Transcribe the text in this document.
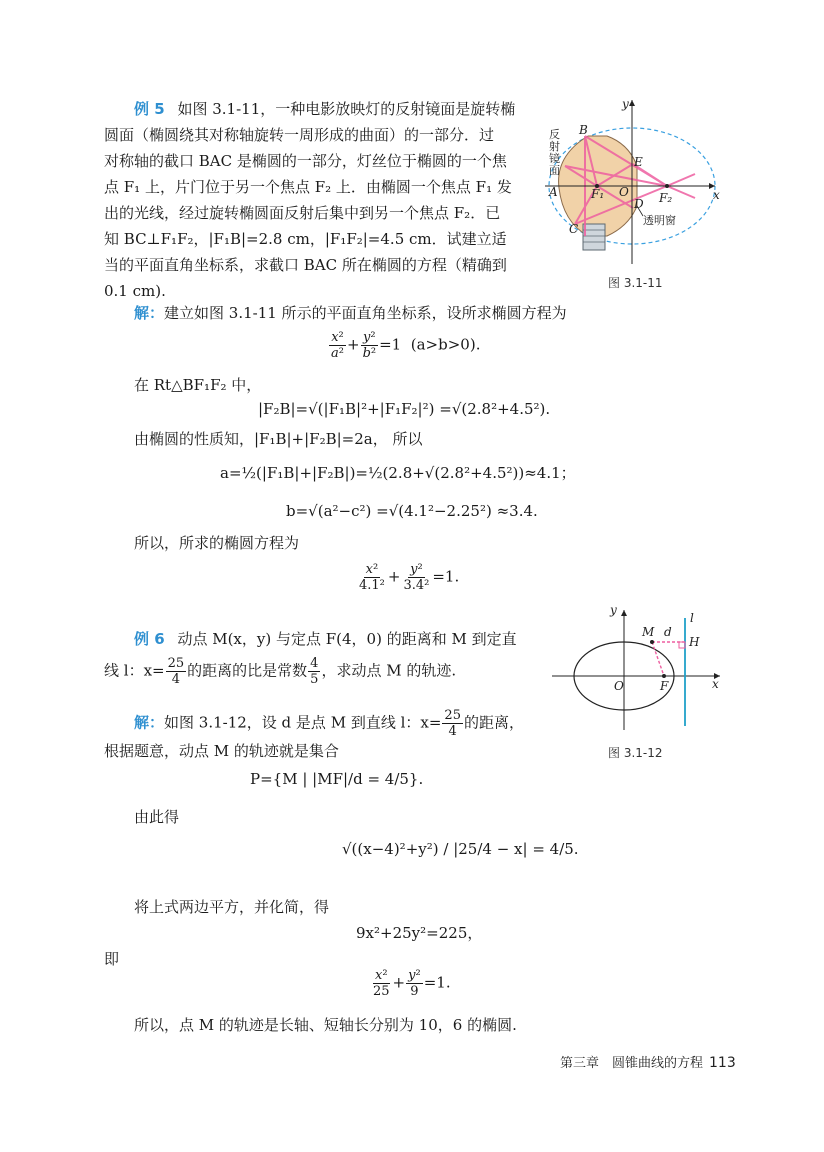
例 5 如图 3.1-11，一种电影放映灯的反射镜面是旋转椭
圆面（椭圆绕其对称轴旋转一周形成的曲面）的一部分．过
对称轴的截口 BAC 是椭圆的一部分，灯丝位于椭圆的一个焦
点 F₁ 上，片门位于另一个焦点 F₂ 上．由椭圆一个焦点 F₁ 发
出的光线，经过旋转椭圆面反射后集中到另一个焦点 F₂．已
知 BC⊥F₁F₂，|F₁B|=2.8 cm，|F₁F₂|=4.5 cm．试建立适
当的平面直角坐标系，求截口 BAC 所在椭圆的方程（精确到
0.1 cm).
y
x
B
E
A	F₁ O
D F₂
C
反
射
镜
面
透明窗
图 3.1-11
解：建立如图 3.1-11 所示的平面直角坐标系，设所求椭圆方程为
$\frac{\text{x²}}{\text{a²}} + \frac{\text{y²}}{\text{b²}} =1$  (a>b>0).
在 Rt△BF₁F₂ 中，
|F₂B|=√(|F₁B|²+|F₁F₂|²) =√(2.8²+4.5²).
由椭圆的性质知，|F₁B|+|F₂B|=2a， 所以
a=½(|F₁B|+|F₂B|)=½(2.8+√(2.8²+4.5²))≈4.1；
b=√(a²−c²) =√(4.1²−2.25²) ≈3.4.
所以，所求的椭圆方程为
$\frac{\text{x²}}{\text{4.1²}} + \frac{\text{y²}}{\text{3.4²}} =1$.
例 6 动点 M(x，y) 与定点 F(4，0) 的距离和 M 到定直
线 l：$x= \frac{25}{4}$ 的距离的比是常数 $\frac{4}{5}$ ，求动点 M 的轨迹.
y
x
l
M d
H
O	F
图 3.1-12
解：如图 3.1-12，设 d 是点 M 到直线 l：$x= \frac{25}{4}$ 的距离，
根据题意，动点 M 的轨迹就是集合
P={M | |MF|/d = 4/5}.
由此得
√((x−4)²+y²) / |25/4 − x| = 4/5.
将上式两边平方，并化简，得
9x²+25y²=225，
即
$\frac{\text{x²}}{25} + \frac{\text{y²}}{9} =1$.
所以，点 M 的轨迹是长轴、短轴长分别为 10，6 的椭圆.
第三章　圆锥曲线的方程 113
